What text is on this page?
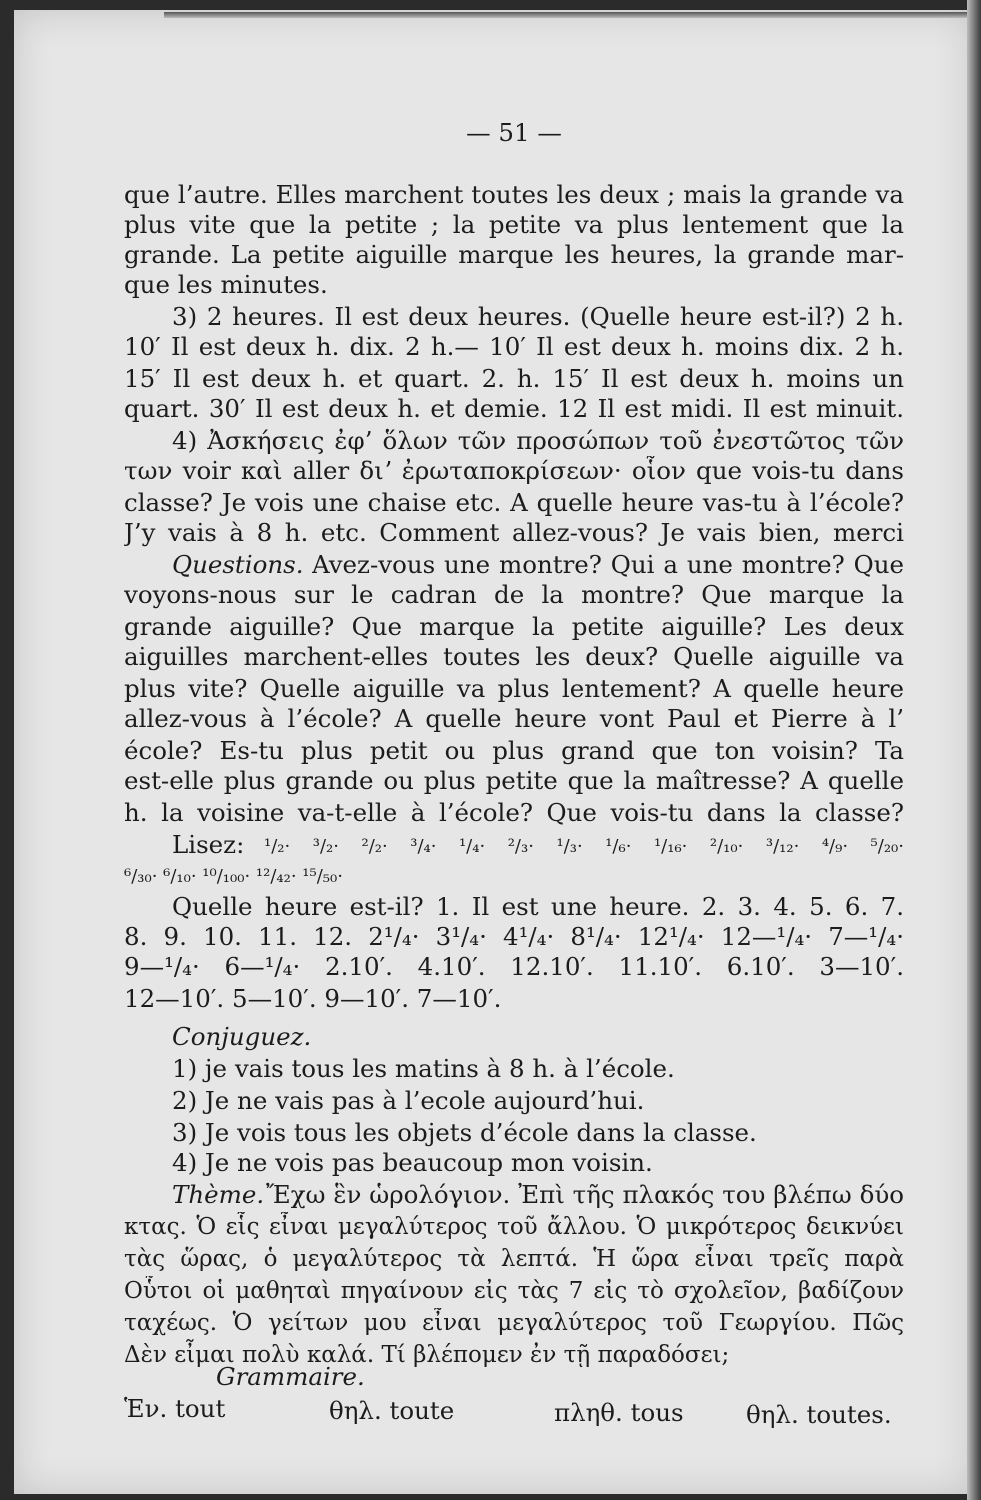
— 51 —
que l’autre. Elles marchent toutes les deux ; mais la grande va
plus vite que la petite ; la petite va plus lentement que la
grande. La petite aiguille marque les heures, la grande mar-
que les minutes.
3) 2 heures. Il est deux heures. (Quelle heure est-il?) 2 h.
10′ Il est deux h. dix. 2 h.— 10′ Il est deux h. moins dix. 2 h.
15′ Il est deux h. et quart. 2. h. 15′ Il est deux h. moins un
quart. 30′ Il est deux h. et demie. 12 Il est midi. Il est minuit.
4) Ἀσκήσεις ἐφ’ ὅλων τῶν προσώπων τοῦ ἐνεστῶτος τῶν
των voir καὶ aller διʼ ἐρωταποκρίσεων· οἷον que vois-tu dans
classe? Je vois une chaise etc. A quelle heure vas-tu à l’école?
J’y vais à 8 h. etc. Comment allez-vous? Je vais bien, merci
Questions. Avez-vous une montre? Qui a une montre? Que
voyons-nous sur le cadran de la montre? Que marque la
grande aiguille? Que marque la petite aiguille? Les deux
aiguilles marchent-elles toutes les deux? Quelle aiguille va
plus vite? Quelle aiguille va plus lentement? A quelle heure
allez-vous à l’école? A quelle heure vont Paul et Pierre à l’
école? Es-tu plus petit ou plus grand que ton voisin? Ta
est-elle plus grande ou plus petite que la maîtresse? A quelle
h. la voisine va-t-elle à l’école? Que vois-tu dans la classe?
Lisez: ¹/₂· ³/₂· ²/₂· ³/₄· ¹/₄· ²/₃· ¹/₃· ¹/₆· ¹/₁₆· ²/₁₀· ³/₁₂· ⁴/₉· ⁵/₂₀·
⁶/₃₀· ⁶/₁₀· ¹⁰/₁₀₀· ¹²/₄₂· ¹⁵/₅₀·
Quelle heure est-il? 1. Il est une heure. 2. 3. 4. 5. 6. 7.
8. 9. 10. 11. 12. 2¹/₄· 3¹/₄· 4¹/₄· 8¹/₄· 12¹/₄· 12—¹/₄· 7—¹/₄·
9—¹/₄· 6—¹/₄· 2.10′. 4.10′. 12.10′. 11.10′. 6.10′. 3—10′.
12—10′. 5—10′. 9—10′. 7—10′.
Conjuguez.
1) je vais tous les matins à 8 h. à l’école.
2) Je ne vais pas à l’ecole aujourd’hui.
3) Je vois tous les objets d’école dans la classe.
4) Je ne vois pas beaucoup mon voisin.
Thème. Ἔχω ἓν ὡρολόγιον. Ἐπὶ τῆς πλακός του βλέπω δύο
κτας. Ὁ εἷς εἶναι μεγαλύτερος τοῦ ἄλλου. Ὁ μικρότερος δεικνύει
τὰς ὥρας, ὁ μεγαλύτερος τὰ λεπτά. Ἡ ὥρα εἶναι τρεῖς παρὰ
Οὗτοι οἱ μαθηταὶ πηγαίνουν εἰς τὰς 7 εἰς τὸ σχολεῖον, βαδίζουν
ταχέως. Ὁ γείτων μου εἶναι μεγαλύτερος τοῦ Γεωργίου. Πῶς
Δὲν εἶμαι πολὺ καλά. Τί βλέπομεν ἐν τῇ παραδόσει;
Grammaire.
Ἑν. tout	θηλ. toute	πληθ. tous	θηλ. toutes.
